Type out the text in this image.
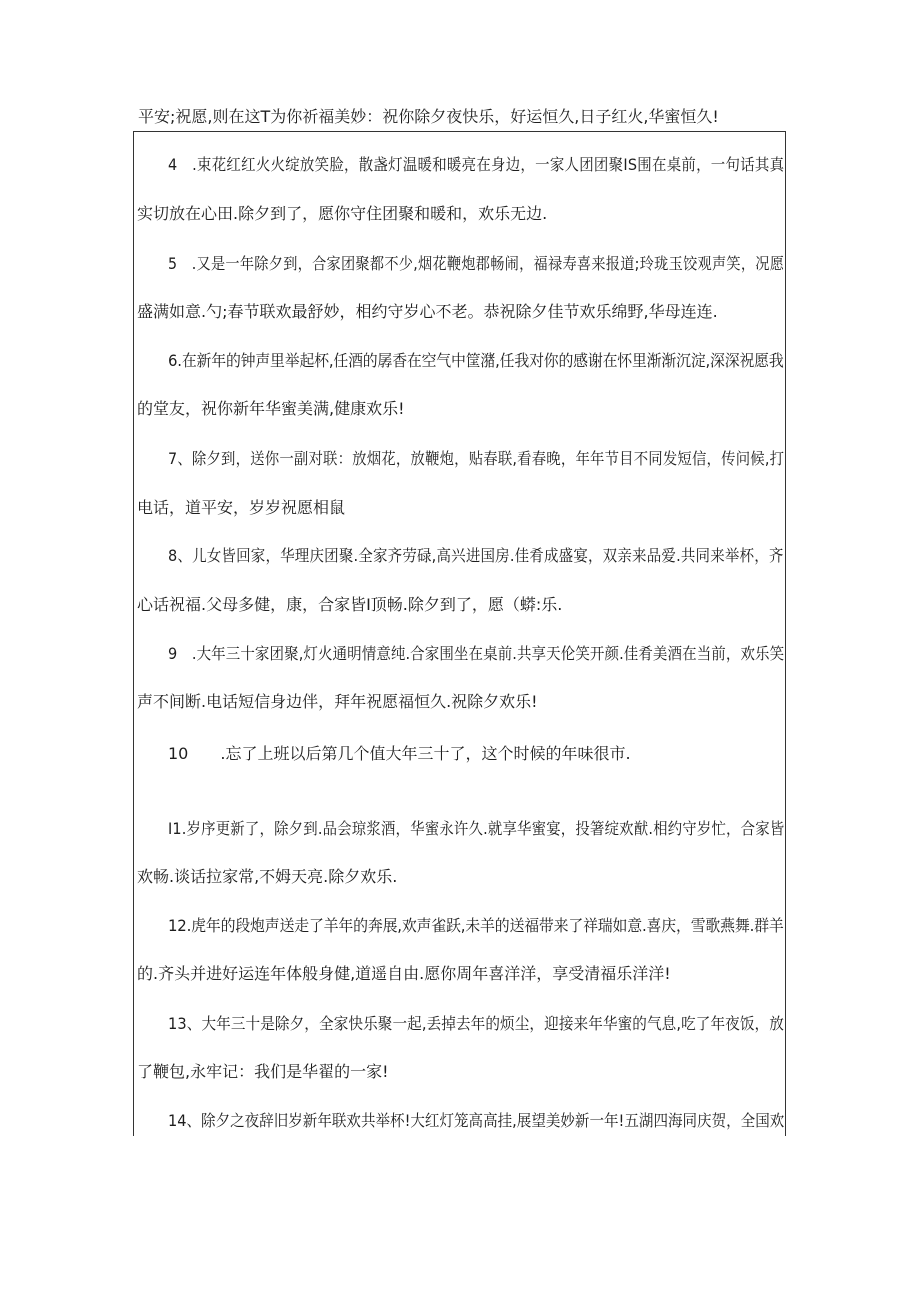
平安;祝愿,则在这T为你祈福美妙：祝你除夕夜快乐，好运恒久,日子红火,华蜜恒久!
4　.束花红红火火绽放笑脸，散盏灯温暖和暖亮在身边，一家人团团聚IS围在桌前，一句话其真
实切放在心田.除夕到了，愿你守住团聚和暖和，欢乐无边.
5　.又是一年除夕到，合家团聚都不少,烟花鞭炮郡畅闹，福禄寿喜来报道;玲珑玉饺观声笑，况愿
盛满如意.勺;春节联欢最舒妙，相约守岁心不老。恭祝除夕佳节欢乐绵野,华母连连.
6.在新年的钟声里举起杯,任酒的孱香在空气中筐潴,任我对你的感谢在怀里渐渐沉淀,深深祝愿我
的堂友，祝你新年华蜜美满,健康欢乐!
7、除夕到，送你一副对联：放烟花，放鞭炮，贴春联,看春晚，年年节目不同发短信，传问候,打
电话，道平安，岁岁祝愿相鼠
8、儿女皆回家，华理庆团聚.全家齐劳碌,高兴进国房.佳肴成盛宴，双亲来品爱.共同来举杯，齐
心话祝福.父母多健，康，合家皆I顶畅.除夕到了，愿（蟒:乐.
9　.大年三十家团聚,灯火通明情意纯.合家围坐在桌前.共享天伦笑开颜.佳肴美酒在当前，欢乐笑
声不间断.电话短信身边伴，拜年祝愿福恒久.祝除夕欢乐!
10　　.忘了上班以后第几个值大年三十了，这个时候的年味很市.
I1.岁序更新了，除夕到.品会琼浆酒，华蜜永许久.就享华蜜宴，投箸绽欢猷.相约守岁忙，合家皆
欢畅.谈话拉家常,不姆天亮.除夕欢乐.
12.虎年的段炮声送走了羊年的奔展,欢声雀跃,未羊的送福带来了祥瑞如意.喜庆，雪歌燕舞.群羊
的.齐头并进好运连年体般身健,道遥自由.愿你周年喜洋洋，享受清福乐洋洋!
13、大年三十是除夕，全家快乐聚一起,丢掉去年的烦尘，迎接来年华蜜的气息,吃了年夜饭，放
了鞭包,永牢记：我们是华翟的一家!
14、除夕之夜辞旧岁新年联欢共举杯!大红灯笼高高挂,展望美妙新一年!五湖四海同庆贺，全国欢
